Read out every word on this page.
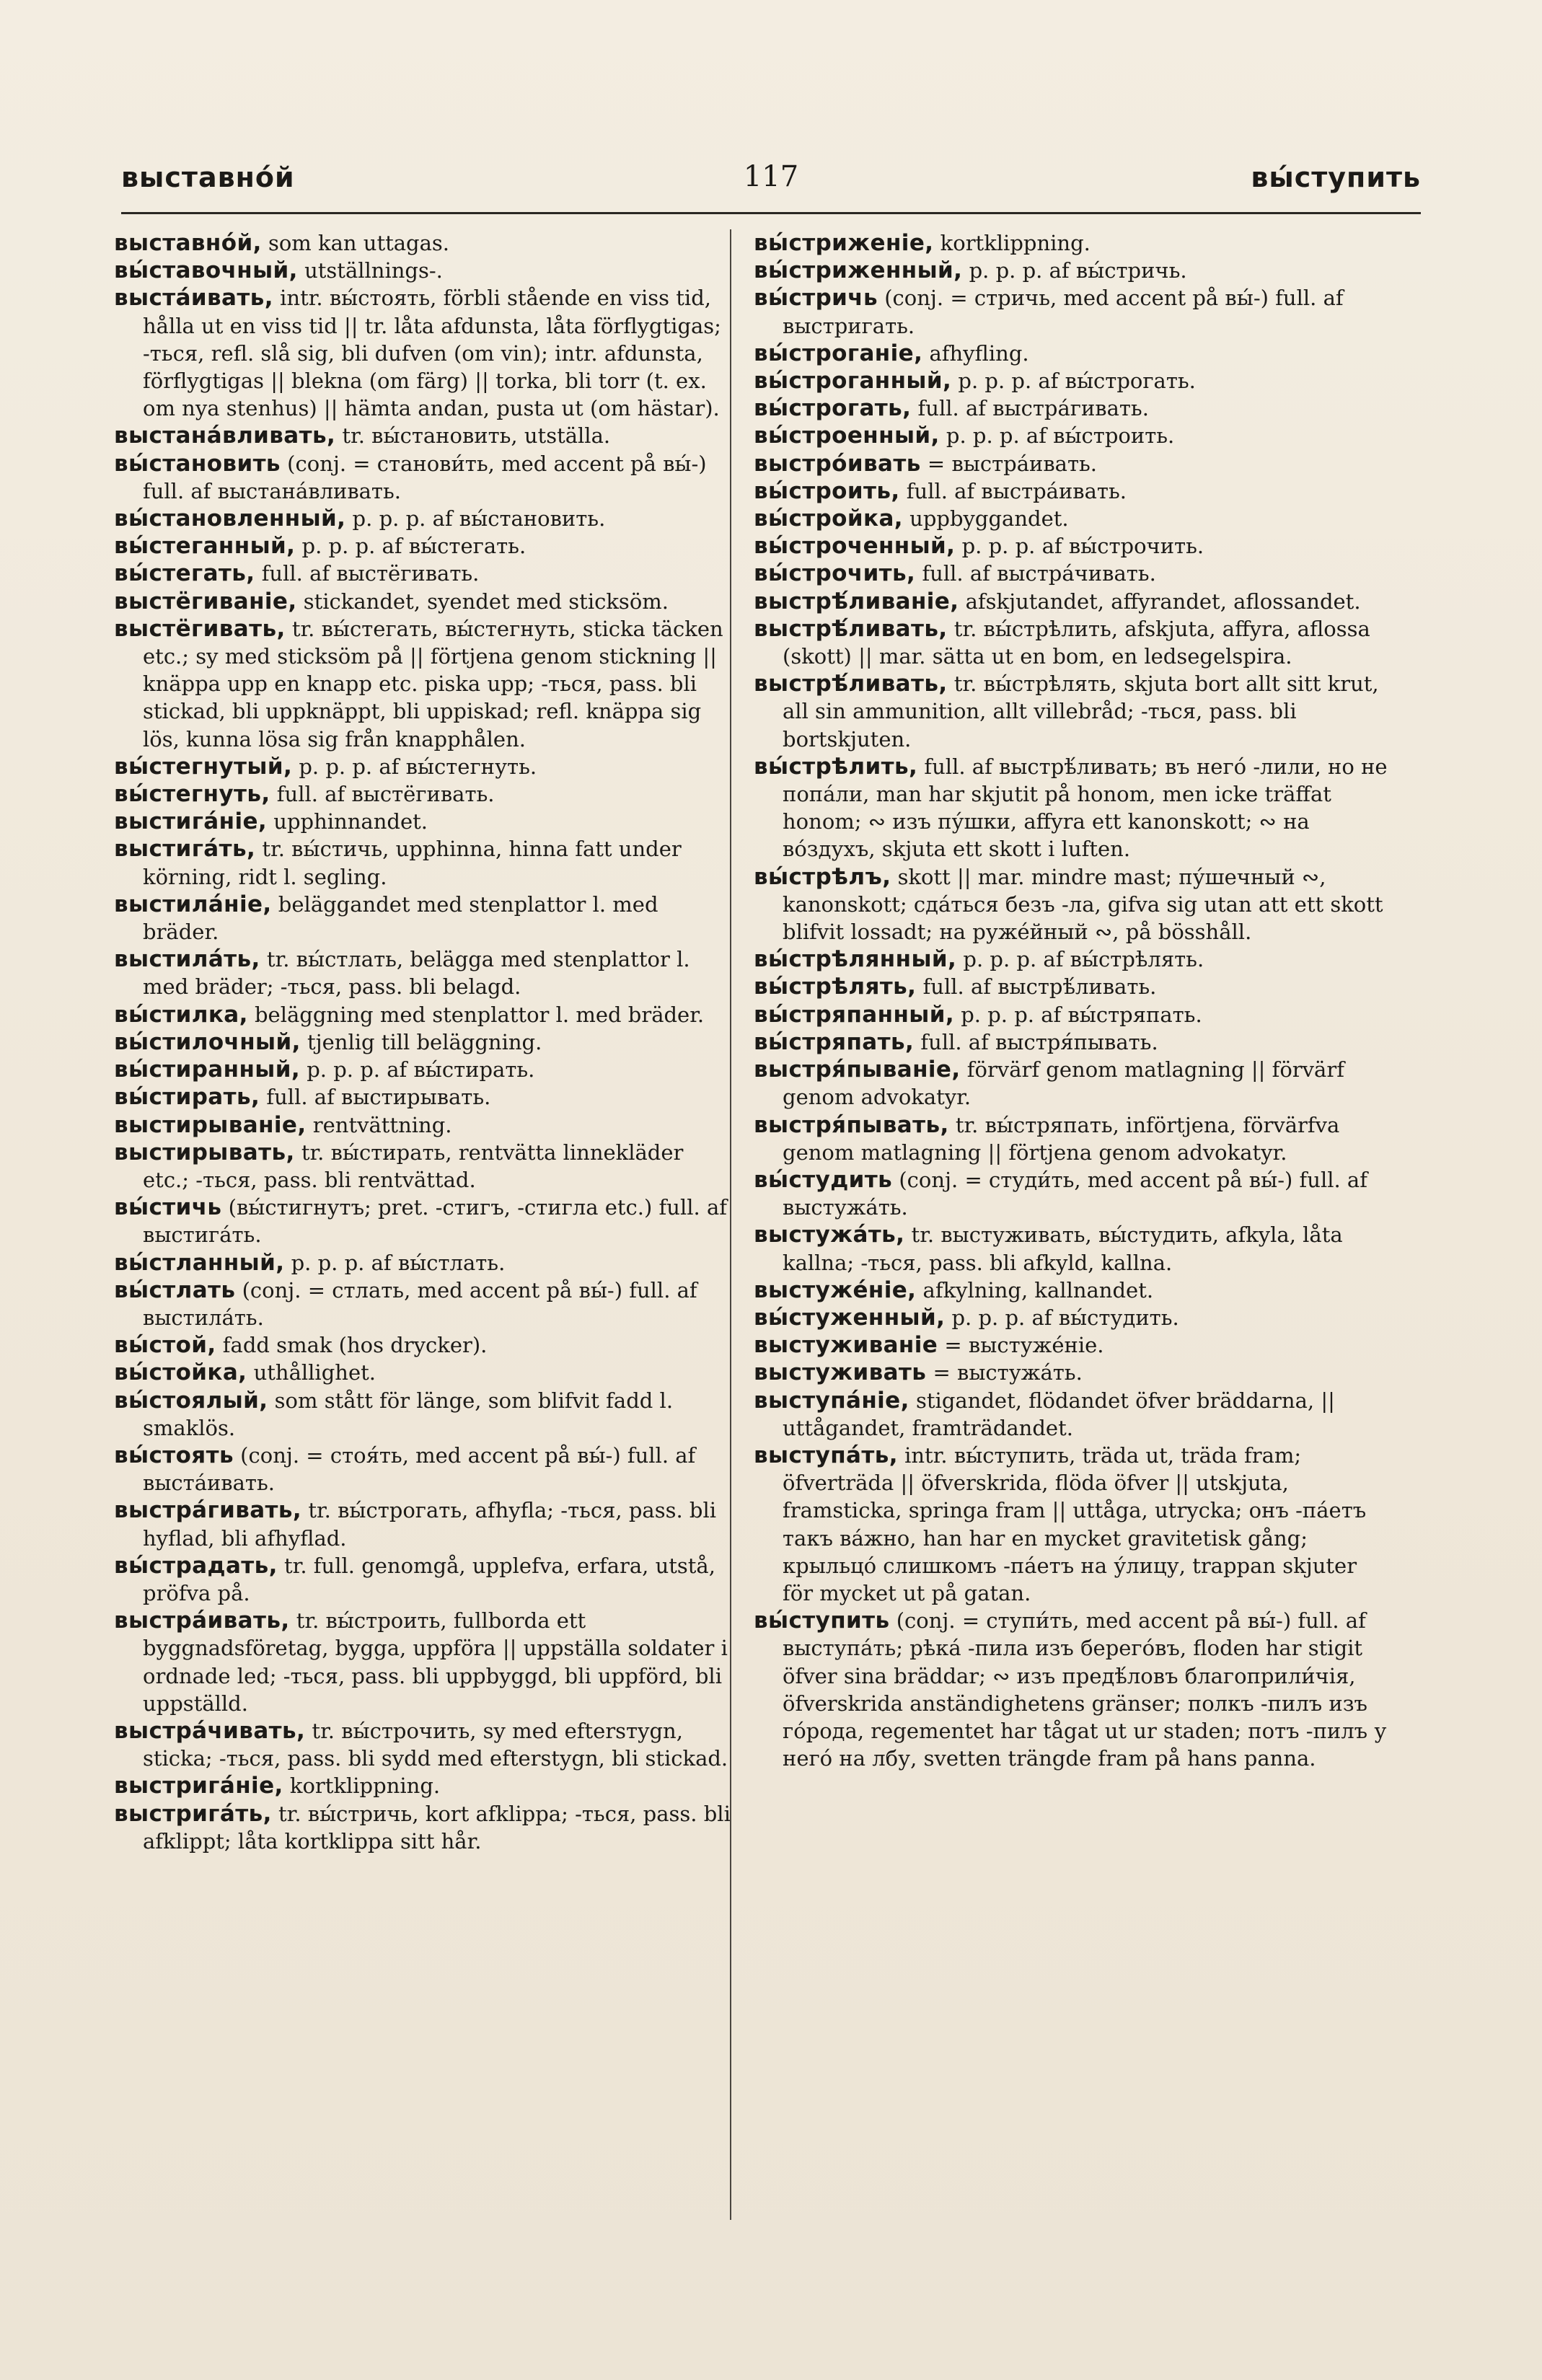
выставно́й	117	вы́ступить

выставно́й, som kan uttagas.

вы́ставочный, utställnings-.

выста́ивать, intr. вы́стоять, förbli stående en viss tid, hålla ut en viss tid || tr. låta afdunsta, låta förflygtigas; -ться, refl. slå sig, bli dufven (om vin); intr. afdunsta, förflygtigas || blekna (om färg) || torka, bli torr (t. ex. om nya stenhus) || hämta andan, pusta ut (om hästar).

выстана́вливать, tr. вы́становить, utställa.

вы́становить (conj. = станови́ть, med accent på вы́-) full. af выстана́вливать.

вы́становленный, p. p. p. af вы́становить.

вы́стеганный, p. p. p. af вы́стегать.

вы́стегать, full. af выстёгивать.

выстёгиванiе, stickandet, syendet med sticksöm.

выстёгивать, tr. вы́стегать, вы́стегнуть, sticka täcken etc.; sy med sticksöm på || förtjena genom stickning || knäppa upp en knapp etc. piska upp; -ться, pass. bli stickad, bli uppknäppt, bli uppiskad; refl. knäppa sig lös, kunna lösa sig från knapphålen.

вы́стегнутый, p. p. p. af вы́стегнуть.

вы́стегнуть, full. af выстёгивать.

выстига́нiе, upphinnandet.

выстига́ть, tr. вы́стичь, upphinna, hinna fatt under körning, ridt l. segling.

выстила́нiе, beläggandet med stenplattor l. med bräder.

выстила́ть, tr. вы́стлать, belägga med stenplattor l. med bräder; -ться, pass. bli belagd.

вы́стилка, beläggning med stenplattor l. med bräder.

вы́стилочный, tjenlig till beläggning.

вы́стиранный, p. p. p. af вы́стирать.

вы́стирать, full. af выстирывать.

выстирыванiе, rentvättning.

выстирывать, tr. вы́стирать, rentvätta linnekläder etc.; -ться, pass. bli rentvättad.

вы́стичь (вы́стигнутъ; pret. -стигъ, -стигла etc.) full. af выстига́ть.

вы́стланный, p. p. p. af вы́стлать.

вы́стлать (conj. = стлать, med accent på вы́-) full. af выстила́ть.

вы́стой, fadd smak (hos drycker).

вы́стойка, uthållighet.

вы́стоялый, som stått för länge, som blifvit fadd l. smaklös.

вы́стоять (conj. = стоя́ть, med accent på вы́-) full. af выста́ивать.

выстра́гивать, tr. вы́строгать, afhyfla; -ться, pass. bli hyflad, bli afhyflad.

вы́страдать, tr. full. genomgå, upplefva, erfara, utstå, pröfva på.

выстра́ивать, tr. вы́строить, fullborda ett byggnadsföretag, bygga, uppföra || uppställa soldater i ordnade led; -ться, pass. bli uppbyggd, bli uppförd, bli uppställd.

выстра́чивать, tr. вы́строчить, sy med eftersтygn, sticka; -ться, pass. bli sydd med efterstygn, bli stickad.

выстрига́нiе, kortklippning.

выстрига́ть, tr. вы́стричь, kort afklippa; -ться, pass. bli afklippt; låta kortklippa sitt hår.

вы́стриженiе, kortklippning.

вы́стриженный, p. p. p. af вы́стричь.

вы́стричь (conj. = стричь, med accent på вы́-) full. af выстригать.

вы́строганiе, afhyfling.

вы́строганный, p. p. p. af вы́строгать.

вы́строгать, full. af выстра́гивать.

вы́строенный, p. p. p. af вы́строить.

выстро́ивать = выстра́ивать.

вы́строить, full. af выстра́ивать.

вы́стройка, uppbyggandet.

вы́строченный, p. p. p. af вы́строчить.

вы́строчить, full. af выстра́чивать.

выстрѣ́ливанiе, afskjutandet, affyrandet, aflossandet.

выстрѣ́ливать, tr. вы́стрѣлить, afskjuta, affyra, aflossa (skott) || mar. sätta ut en bom, en ledsegelspira.

выстрѣ́ливать, tr. вы́стрѣлять, skjuta bort allt sitt krut, all sin ammunition, allt villebråd; -ться, pass. bli bortskjuten.

вы́стрѣлить, full. af выстрѣ́ливать; въ него́ -лили, но не попа́ли, man har skjutit på honom, men icke träffat honom; ∾ изъ пу́шки, affyra ett kanonskott; ∾ на во́здухъ, skjuta ett skott i luften.

вы́стрѣлъ, skott || mar. mindre mast; пу́шечный ∾, kanonskott; сда́ться безъ -ла, gifva sig utan att ett skott blifvit lossadt; на руже́йный ∾, på bösshåll.

вы́стрѣлянный, p. p. p. af вы́стрѣлять.

вы́стрѣлять, full. af выстрѣ́ливать.

вы́стряпанный, p. p. p. af вы́стряпать.

вы́стряпать, full. af выстря́пывать.

выстря́пыванiе, förvärf genom matlagning || förvärf genom advokatyr.

выстря́пывать, tr. вы́стряпать, införtjena, förvärfva genom matlagning || förtjena genom advokatyr.

вы́студить (conj. = студи́ть, med accent på вы́-) full. af выстужа́ть.

выстужа́ть, tr. выстуживать, вы́студить, afkyla, låta kallna; -ться, pass. bli afkyld, kallna.

выстуже́нiе, afkylning, kallnandet.

вы́стуженный, p. p. p. af вы́студить.

выстуживанiе = выстуже́нiе.

выстуживать = выстужа́ть.

выступа́нiе, stigandet, flödandet öfver bräddarna, || uttågandet, framträdandet.

выступа́ть, intr. вы́ступить, träda ut, träda fram; öfverträda || öfverskrida, flöda öfver || utskjuta, framsticka, springa fram || uttåga, utrycka; онъ -па́етъ такъ ва́жно, han har en mycket gravitetisk gång; крыльцо́ слишкомъ -па́етъ на у́лицу, trappan skjuter för mycket ut på gatan.

вы́ступить (conj. = ступи́ть, med accent på вы́-) full. af выступа́ть; рѣка́ -пила изъ берего́въ, floden har stigit öfver sina bräddar; ∾ изъ предѣ́ловъ благоприли́чiя, öfverskrida anständighetens gränser; полкъ -пилъ изъ го́рода, regementet har tågat ut ur staden; потъ -пилъ у него́ на лбу, svetten trängde fram på hans panna.
